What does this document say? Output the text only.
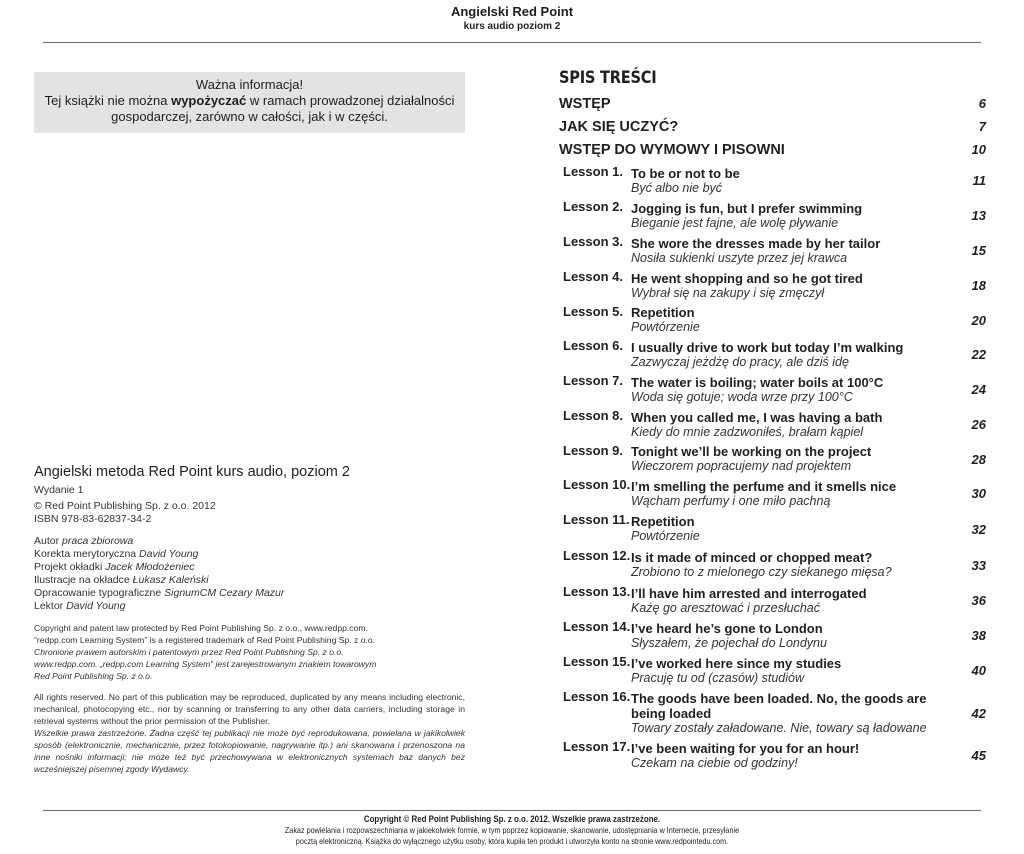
Angielski Red Point
kurs audio poziom 2
Ważna informacja!
Tej książki nie można wypożyczać w ramach prowadzonej działalności
gospodarczej, zarówno w całości, jak i w części.
Angielski metoda Red Point kurs audio, poziom 2
Wydanie 1
© Red Point Publishing Sp. z o.o. 2012
ISBN 978-83-62837-34-2
Autor praca zbiorowa
Korekta merytoryczna David Young
Projekt okładki Jacek Młodożeniec
Ilustracje na okładce Łukasz Kaleński
Opracowanie typograficzne SignumCM Cezary Mazur
Lektor David Young
Copyright and patent law protected by Red Point Publishing Sp. z o.o., www.redpp.com.
“redpp.com Learning System” is a registered trademark of Red Point Publishing Sp. z o.o.
Chronione prawem autorskim i patentowym przez Red Point Publishing Sp. z o.o.
www.redpp.com. „redpp.com Learning System” jest zarejestrowanym znakiem towarowym
Red Point Publishing Sp. z o.o.

All rights reserved. No part of this publication may be reproduced, duplicated by any means including electronic, mechanical, photocopying etc., nor by scanning or transferring to any other data carriers, including storage in retrieval systems without the prior permission of the Publisher.
Wszelkie prawa zastrzeżone. Żadna część tej publikacji nie może być reprodukowana, powielana w jakikolwiek sposób (elektronicznie, mechanicznie, przez fotokopiowanie, nagrywanie itp.) ani skanowana i przenoszona na inne nośniki informacji; nie może też być przechowywana w elektronicznych systemach baz danych bez wcześniejszej pisemnej zgody Wydawcy.
SPIS TREŚCI
WSTĘP	6
JAK SIĘ UCZYĆ?	7
WSTĘP DO WYMOWY I PISOWNI	10
Lesson 1. To be or not to be
Być albo nie być	11
Lesson 2. Jogging is fun, but I prefer swimming
Bieganie jest fajne, ale wolę pływanie	13
Lesson 3. She wore the dresses made by her tailor
Nosiła sukienki uszyte przez jej krawca	15
Lesson 4. He went shopping and so he got tired
Wybrał się na zakupy i się zmęczył	18
Lesson 5. Repetition
Powtórzenie	20
Lesson 6. I usually drive to work but today I’m walking
Zazwyczaj jeżdżę do pracy, ale dziś idę	22
Lesson 7. The water is boiling; water boils at 100°C
Woda się gotuje; woda wrze przy 100°C	24
Lesson 8. When you called me, I was having a bath
Kiedy do mnie zadzwoniłeś, brałam kąpiel	26
Lesson 9. Tonight we’ll be working on the project
Wieczorem popracujemy nad projektem	28
Lesson 10. I’m smelling the perfume and it smells nice
Wącham perfumy i one miło pachną	30
Lesson 11. Repetition
Powtórzenie	32
Lesson 12. Is it made of minced or chopped meat?
Zrobiono to z mielonego czy siekanego mięsa?	33
Lesson 13. I’ll have him arrested and interrogated
Każę go aresztować i przesłuchać	36
Lesson 14. I’ve heard he’s gone to London
Słyszałem, że pojechał do Londynu	38
Lesson 15. I’ve worked here since my studies
Pracuję tu od (czasów) studiów	40
Lesson 16. The goods have been loaded. No, the goods are being loaded
Towary zostały załadowane. Nie, towary są ładowane
42
Lesson 17. I’ve been waiting for you for an hour!
Czekam na ciebie od godziny!	45
Copyright © Red Point Publishing Sp. z o.o. 2012. Wszelkie prawa zastrzeżone.
Zakaz powielania i rozpowszechniania w jakiekolwiek formie, w tym poprzez kopiowanie, skanowanie, udostępniania w Internecie, przesyłanie
pocztą elektroniczną. Książka do wyłącznego użytku osoby, która kupiła ten produkt i utworzyła konto na stronie www.redpointedu.com.
